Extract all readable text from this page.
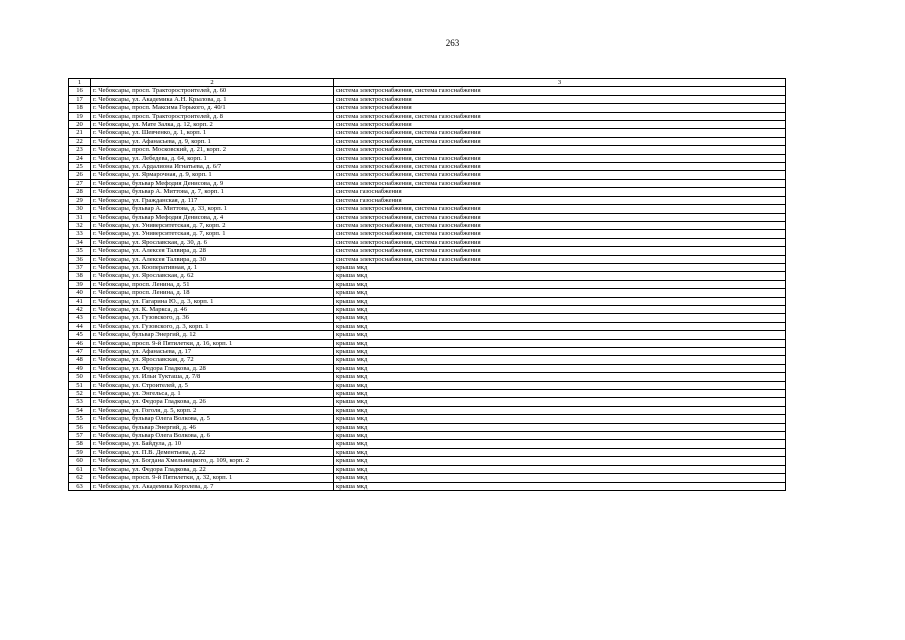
263
1	2	3
16	г. Чебоксары, просп. Тракторостроителей, д. 60	система электроснабжения, система газоснабжения
17	г. Чебоксары, ул. Академика А.Н. Крылова, д. 1	система электроснабжения
18	г. Чебоксары, просп. Максима Горького, д. 40/1	система электроснабжения
19	г. Чебоксары, просп. Тракторостроителей, д. 8	система электроснабжения, система газоснабжения
20	г. Чебоксары, ул. Мате Залка, д. 12, корп. 2	система электроснабжения
21	г. Чебоксары, ул. Шевченко, д. 1, корп. 1	система электроснабжения, система газоснабжения
22	г. Чебоксары, ул. Афанасьева, д. 9, корп. 1	система электроснабжения, система газоснабжения
23	г. Чебоксары, просп. Московский, д. 21, корп. 2	система электроснабжения
24	г. Чебоксары, ул. Лебедева, д. 64, корп. 1	система электроснабжения, система газоснабжения
25	г. Чебоксары, ул. Ардалиона Игнатьева, д. 6/7	система электроснабжения, система газоснабжения
26	г. Чебоксары, ул. Ярмарочная, д. 9, корп. 1	система электроснабжения, система газоснабжения
27	г. Чебоксары, бульвар Мефодия Денисова, д. 9	система электроснабжения, система газоснабжения
28	г. Чебоксары, бульвар А. Миттова, д. 7, корп. 1	система газоснабжения
29	г. Чебоксары, ул. Гражданская, д. 117	система газоснабжения
30	г. Чебоксары, бульвар А. Миттова, д. 33, корп. 1	система электроснабжения, система газоснабжения
31	г. Чебоксары, бульвар Мефодия Денисова, д. 4	система электроснабжения, система газоснабжения
32	г. Чебоксары, ул. Университетская, д. 7, корп. 2	система электроснабжения, система газоснабжения
33	г. Чебоксары, ул. Университетская, д. 7, корп. 1	система электроснабжения, система газоснабжения
34	г. Чебоксары, ул. Ярославская, д. 30, д. 6	система электроснабжения, система газоснабжения
35	г. Чебоксары, ул. Алексея Талвира, д. 28	система электроснабжения, система газоснабжения
36	г. Чебоксары, ул. Алексея Талвира, д. 30	система электроснабжения, система газоснабжения
37	г. Чебоксары, ул. Кооперативная, д. 1	крыша мкд
38	г. Чебоксары, ул. Ярославская, д. 62	крыша мкд
39	г. Чебоксары, просп. Ленина, д. 51	крыша мкд
40	г. Чебоксары, просп. Ленина, д. 18	крыша мкд
41	г. Чебоксары, ул. Гагарина Ю., д. 3, корп. 1	крыша мкд
42	г. Чебоксары, ул. К. Маркса, д. 46	крыша мкд
43	г. Чебоксары, ул. Гузовского, д. 36	крыша мкд
44	г. Чебоксары, ул. Гузовского, д. 3, корп. 1	крыша мкд
45	г. Чебоксары, бульвар Энергий, д. 12	крыша мкд
46	г. Чебоксары, просп. 9-й Пятилетки, д. 16, корп. 1	крыша мкд
47	г. Чебоксары, ул. Афанасьева, д. 17	крыша мкд
48	г. Чебоксары, ул. Ярославская, д. 72	крыша мкд
49	г. Чебоксары, ул. Федора Гладкова, д. 28	крыша мкд
50	г. Чебоксары, ул. Ильи Тукташа, д. 7/8	крыша мкд
51	г. Чебоксары, ул. Строителей, д. 5	крыша мкд
52	г. Чебоксары, ул. Энгельса, д. 1	крыша мкд
53	г. Чебоксары, ул. Федора Гладкова, д. 26	крыша мкд
54	г. Чебоксары, ул. Гоголя, д. 5, корп. 2	крыша мкд
55	г. Чебоксары, бульвар Олега Волкова, д. 5	крыша мкд
56	г. Чебоксары, бульвар Энергий, д. 46	крыша мкд
57	г. Чебоксары, бульвар Олега Волкова, д. 6	крыша мкд
58	г. Чебоксары, ул. Байдула, д. 10	крыша мкд
59	г. Чебоксары, ул. П.В. Дементьева, д. 22	крыша мкд
60	г. Чебоксары, ул. Богдана Хмельницкого, д. 109, корп. 2	крыша мкд
61	г. Чебоксары, ул. Федора Гладкова, д. 22	крыша мкд
62	г. Чебоксары, просп. 9-й Пятилетки, д. 32, корп. 1	крыша мкд
63	г. Чебоксары, ул. Академика Королева, д. 7	крыша мкд
